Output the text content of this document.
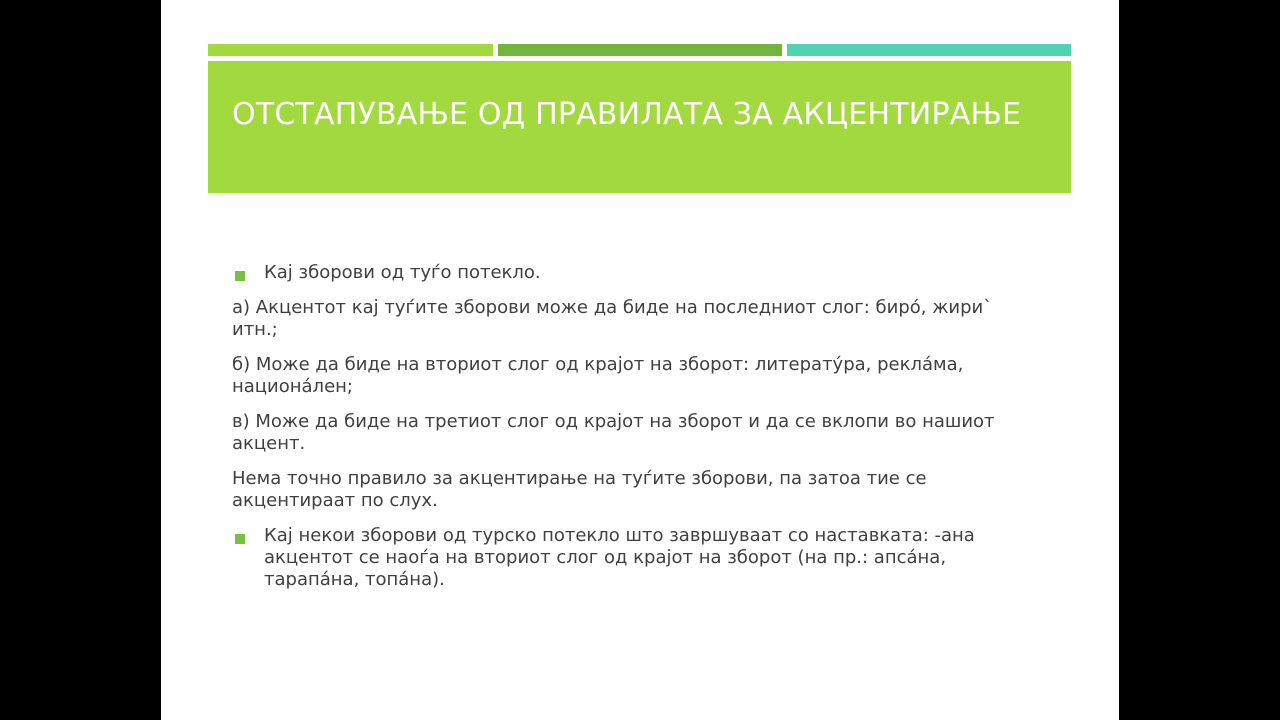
ОТСТАПУВАЊЕ ОД ПРАВИЛАТА ЗА АКЦЕНТИРАЊЕ
Кај зборови од туѓо потекло.

а) Акцентот кај туѓите зборови може да биде на последниот слог: биро́, жири` итн.;

б) Може да биде на вториот слог од крајот на зборот: литерату́ра, рекла́ма, национа́лен;

в) Може да биде на третиот слог од крајот на зборот и да се вклопи во нашиот акцент.

Нема точно правило за акцентирање на туѓите зборови, па затоа тие се акцентираат по слух.

Кај некои зборови од турско потекло што завршуваат со наставката: -ана акцентот се наоѓа на вториот слог од крајот на зборот (на пр.: апса́на, тарапа́на, топа́на).
